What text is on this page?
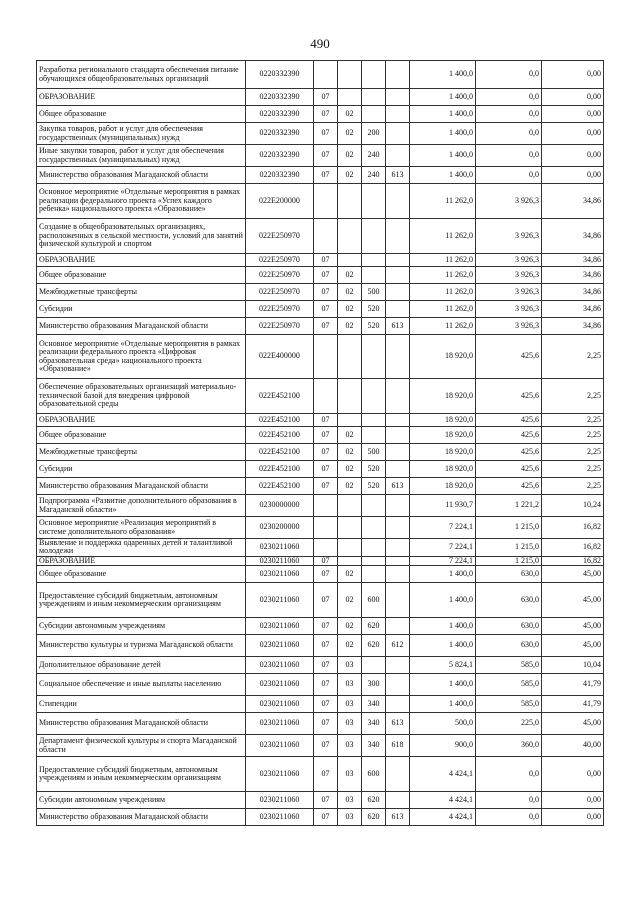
490
Разработка регионального стандарта обеспечения питание обучающихся общеобразовательных организаций	0220332390					1 400,0	0,0	0,00
ОБРАЗОВАНИЕ	0220332390	07				1 400,0	0,0	0,00
Общее образование	0220332390	07	02			1 400,0	0,0	0,00
Закупка товаров, работ и услуг для обеспечения государственных (муниципальных) нужд	0220332390	07	02	200		1 400,0	0,0	0,00
Иные закупки товаров, работ и услуг для обеспечения государственных (муниципальных) нужд	0220332390	07	02	240		1 400,0	0,0	0,00
Министерство образования Магаданской области	0220332390	07	02	240	613	1 400,0	0,0	0,00
Основное мероприятие «Отдельные мероприятия в рамках реализации федерального проекта «Успех каждого ребенка» национального проекта «Образование»	022E200000					11 262,0	3 926,3	34,86
Создание в общеобразовательных организациях, расположенных в сельской местности, условий для занятий физической культурой и спортом	022E250970					11 262,0	3 926,3	34,86
ОБРАЗОВАНИЕ	022E250970	07				11 262,0	3 926,3	34,86
Общее образование	022E250970	07	02			11 262,0	3 926,3	34,86
Межбюджетные трансферты	022E250970	07	02	500		11 262,0	3 926,3	34,86
Субсидии	022E250970	07	02	520		11 262,0	3 926,3	34,86
Министерство образования Магаданской области	022E250970	07	02	520	613	11 262,0	3 926,3	34,86
Основное мероприятие «Отдельные мероприятия в рамках реализации федерального проекта «Цифровая образовательная среда» национального проекта «Образование»	022E400000					18 920,0	425,6	2,25
Обеспечение образовательных организаций материально-технической базой для внедрения цифровой образовательной среды	022E452100					18 920,0	425,6	2,25
ОБРАЗОВАНИЕ	022E452100	07				18 920,0	425,6	2,25
Общее образование	022E452100	07	02			18 920,0	425,6	2,25
Межбюджетные трансферты	022E452100	07	02	500		18 920,0	425,6	2,25
Субсидии	022E452100	07	02	520		18 920,0	425,6	2,25
Министерство образования Магаданской области	022E452100	07	02	520	613	18 920,0	425,6	2,25
Подпрограмма «Развитие дополнительного образования в Магаданской области»	0230000000					11 930,7	1 221,2	10,24
Основное мероприятие «Реализация мероприятий в системе дополнительного образования»	0230200000					7 224,1	1 215,0	16,82
Выявление и поддержка одаренных детей и талантливой молодежи	0230211060					7 224,1	1 215,0	16,82
ОБРАЗОВАНИЕ	0230211060	07				7 224,1	1 215,0	16,82
Общее образование	0230211060	07	02			1 400,0	630,0	45,00
Предоставление субсидий бюджетным, автономным учреждениям и иным некоммерческим организациям	0230211060	07	02	600		1 400,0	630,0	45,00
Субсидии автономным учреждениям	0230211060	07	02	620		1 400,0	630,0	45,00
Министерство культуры и туризма Магаданской области	0230211060	07	02	620	612	1 400,0	630,0	45,00
Дополнительное образование детей	0230211060	07	03			5 824,1	585,0	10,04
Социальное обеспечение и иные выплаты населению	0230211060	07	03	300		1 400,0	585,0	41,79
Стипендии	0230211060	07	03	340		1 400,0	585,0	41,79
Министерство образования Магаданской области	0230211060	07	03	340	613	500,0	225,0	45,00
Департамент физической культуры и спорта Магаданской области	0230211060	07	03	340	618	900,0	360,0	40,00
Предоставление субсидий бюджетным, автономным учреждениям и иным некоммерческим организациям	0230211060	07	03	600		4 424,1	0,0	0,00
Субсидии автономным учреждениям	0230211060	07	03	620		4 424,1	0,0	0,00
Министерство образования Магаданской области	0230211060	07	03	620	613	4 424,1	0,0	0,00
